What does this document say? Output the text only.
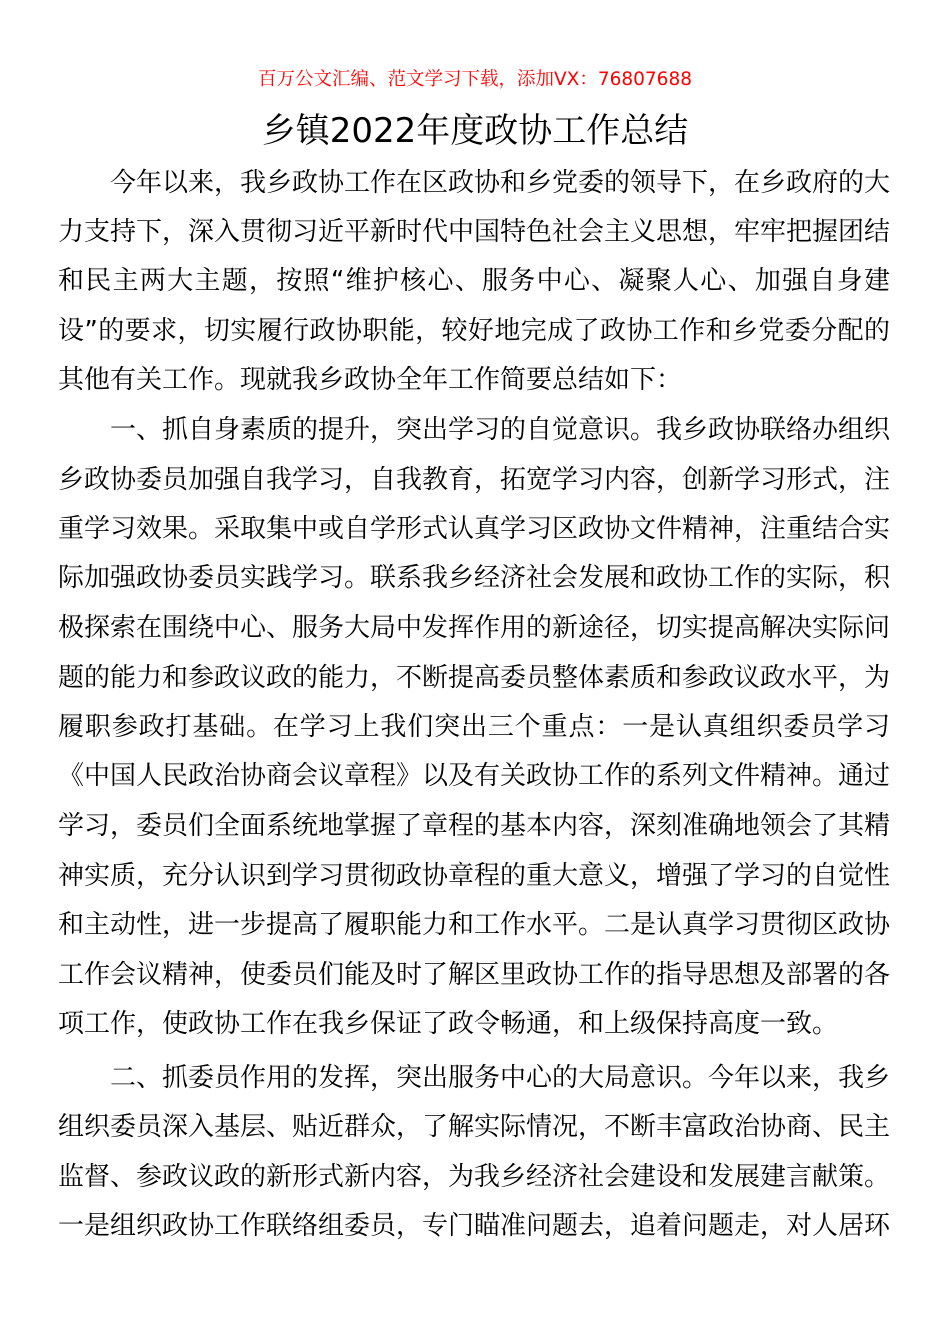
百万公文汇编、范文学习下载，添加VX：76807688
乡镇2022年度政协工作总结
今年以来，我乡政协工作在区政协和乡党委的领导下，在乡政府的大
力支持下，深入贯彻习近平新时代中国特色社会主义思想，牢牢把握团结
和民主两大主题，按照“维护核心、服务中心、凝聚人心、加强自身建
设”的要求，切实履行政协职能，较好地完成了政协工作和乡党委分配的
其他有关工作。现就我乡政协全年工作简要总结如下：
一、抓自身素质的提升，突出学习的自觉意识。我乡政协联络办组织
乡政协委员加强自我学习，自我教育，拓宽学习内容，创新学习形式，注
重学习效果。采取集中或自学形式认真学习区政协文件精神，注重结合实
际加强政协委员实践学习。联系我乡经济社会发展和政协工作的实际，积
极探索在围绕中心、服务大局中发挥作用的新途径，切实提高解决实际问
题的能力和参政议政的能力，不断提高委员整体素质和参政议政水平，为
履职参政打基础。在学习上我们突出三个重点：一是认真组织委员学习
《中国人民政治协商会议章程》以及有关政协工作的系列文件精神。通过
学习，委员们全面系统地掌握了章程的基本内容，深刻准确地领会了其精
神实质，充分认识到学习贯彻政协章程的重大意义，增强了学习的自觉性
和主动性，进一步提高了履职能力和工作水平。二是认真学习贯彻区政协
工作会议精神，使委员们能及时了解区里政协工作的指导思想及部署的各
项工作，使政协工作在我乡保证了政令畅通，和上级保持高度一致。
二、抓委员作用的发挥，突出服务中心的大局意识。今年以来，我乡
组织委员深入基层、贴近群众，了解实际情况，不断丰富政治协商、民主
监督、参政议政的新形式新内容，为我乡经济社会建设和发展建言献策。
一是组织政协工作联络组委员，专门瞄准问题去，追着问题走，对人居环
